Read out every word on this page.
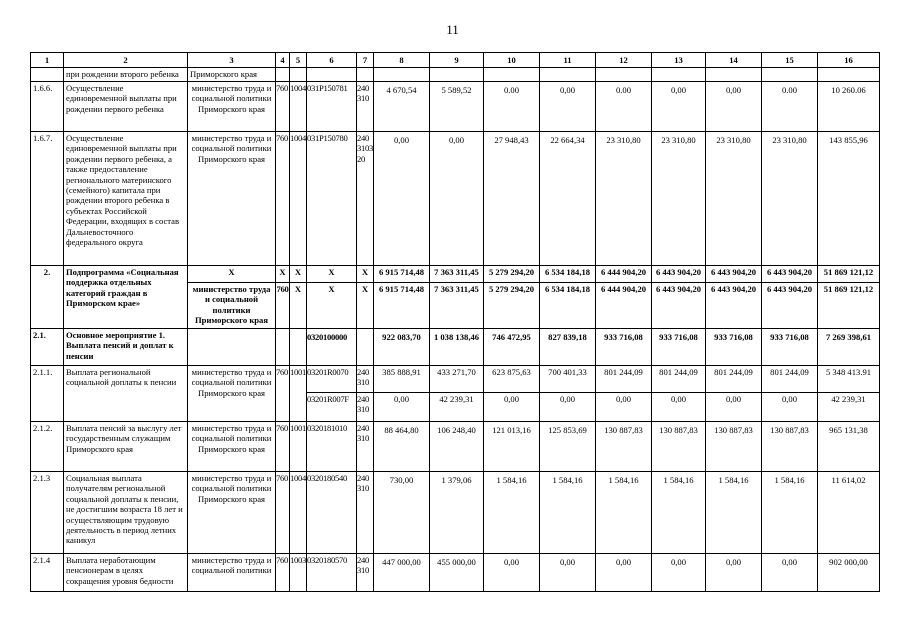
11
1	2	3	4	5	6	7	8	9	10	11	12	13	14	15	16
	при рождении второго ребенка	Приморского края													
1.6.6.	Осуществление единовременной выплаты при рождении первого ребенка	министерство труда и социальной политики Приморского края	760	1004	031P150781	240 310	4 670,54	5 589,52	0.00	0,00	0.00	0,00	0,00	0.00	10 260.06
1.6.7.	Осуществление единовременной выплаты при рождении первого ребенка, а также предоставление регионального материнского (семейного) капитала при рождении второго ребенка в субъектах Российской Федерации, входящих в состав Дальневосточного федерального округа	министерство труда и социальной политики Приморского края	760	1004	031P150780	240 3103 20	0,00	0,00	27 948,43	22 664,34	23 310,80	23 310,80	23 310,80	23 310,80	143 855,96
2.	Подпрограмма «Социальная поддержка отдельных категорий граждан в Приморском крае»	X	X	X	X	X	6 915 714,48	7 363 311,45	5 279 294,20	6 534 184,18	6 444 904,20	6 443 904,20	6 443 904,20	6 443 904,20	51 869 121,12
		министерство труда и социальной политики Приморского края	760	X	X	X	6 915 714,48	7 363 311,45	5 279 294,20	6 534 184,18	6 444 904,20	6 443 904,20	6 443 904,20	6 443 904,20	51 869 121,12
2.1.	Основное мероприятие 1. Выплата пенсий и доплат к пенсии				0320100000		922 083,70	1 038 138,46	746 472,95	827 839,18	933 716,08	933 716,08	933 716,08	933 716,08	7 269 398,61
2.1.1.	Выплата региональной социальной доплаты к пенсии	министерство труда и социальной политики Приморского края	760	1001	03201R0070	240 310	385 888,91	433 271,70	623 875,63	700 401,33	801 244,09	801 244,09	801 244,09	801 244,09	5 348 413.91
					03201R007F	240 310	0,00	42 239,31	0,00	0,00	0,00	0,00	0,00	0,00	42 239,31
2.1.2.	Выплата пенсий за выслугу лет государственным служащим Приморского края	министерство труда и социальной политики Приморского края	760	1001	0320181010	240 310	88 464,80	106 248,40	121 013,16	125 853,69	130 887,83	130 887,83	130 887,83	130 887,83	965 131,38
2.1.3	Социальная выплата получателям региональной социальной доплаты к пенсии, не достигшим возраста 18 лет и осуществляющим трудовую деятельность в период летних каникул	министерство труда и социальной политики Приморского края	760	1004	0320180540	240 310	730,00	1 379,06	1 584,16	1 584,16	1 584,16	1 584,16	1 584,16	1 584,16	11 614,02
2.1.4	Выплата неработающим пенсионерам в целях сокращения уровня бедности	министерство труда и социальной политики	760	1003	0320180570	240 310	447 000,00	455 000,00	0,00	0,00	0,00	0,00	0,00	0,00	902 000,00
